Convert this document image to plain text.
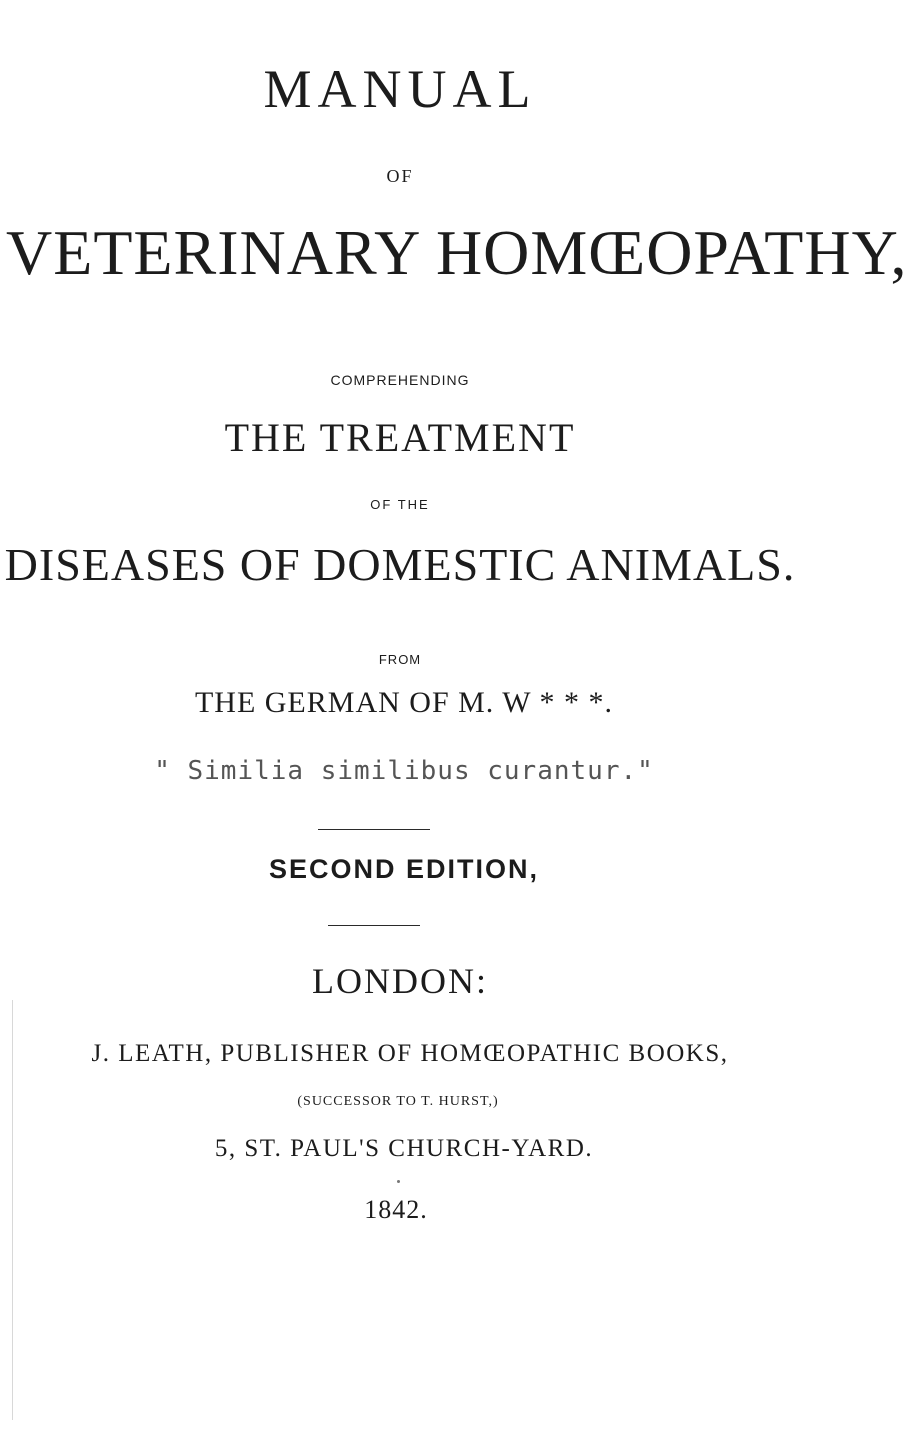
MANUAL
OF
VETERINARY HOMŒOPATHY,
COMPREHENDING
THE TREATMENT
OF THE
DISEASES OF DOMESTIC ANIMALS.
FROM
THE GERMAN OF M. W * * *.
" Similia similibus curantur."
SECOND EDITION,
LONDON:
J. LEATH, PUBLISHER OF HOMŒOPATHIC BOOKS,
(SUCCESSOR TO T. HURST,)
5, ST. PAUL'S CHURCH-YARD.
1842.
